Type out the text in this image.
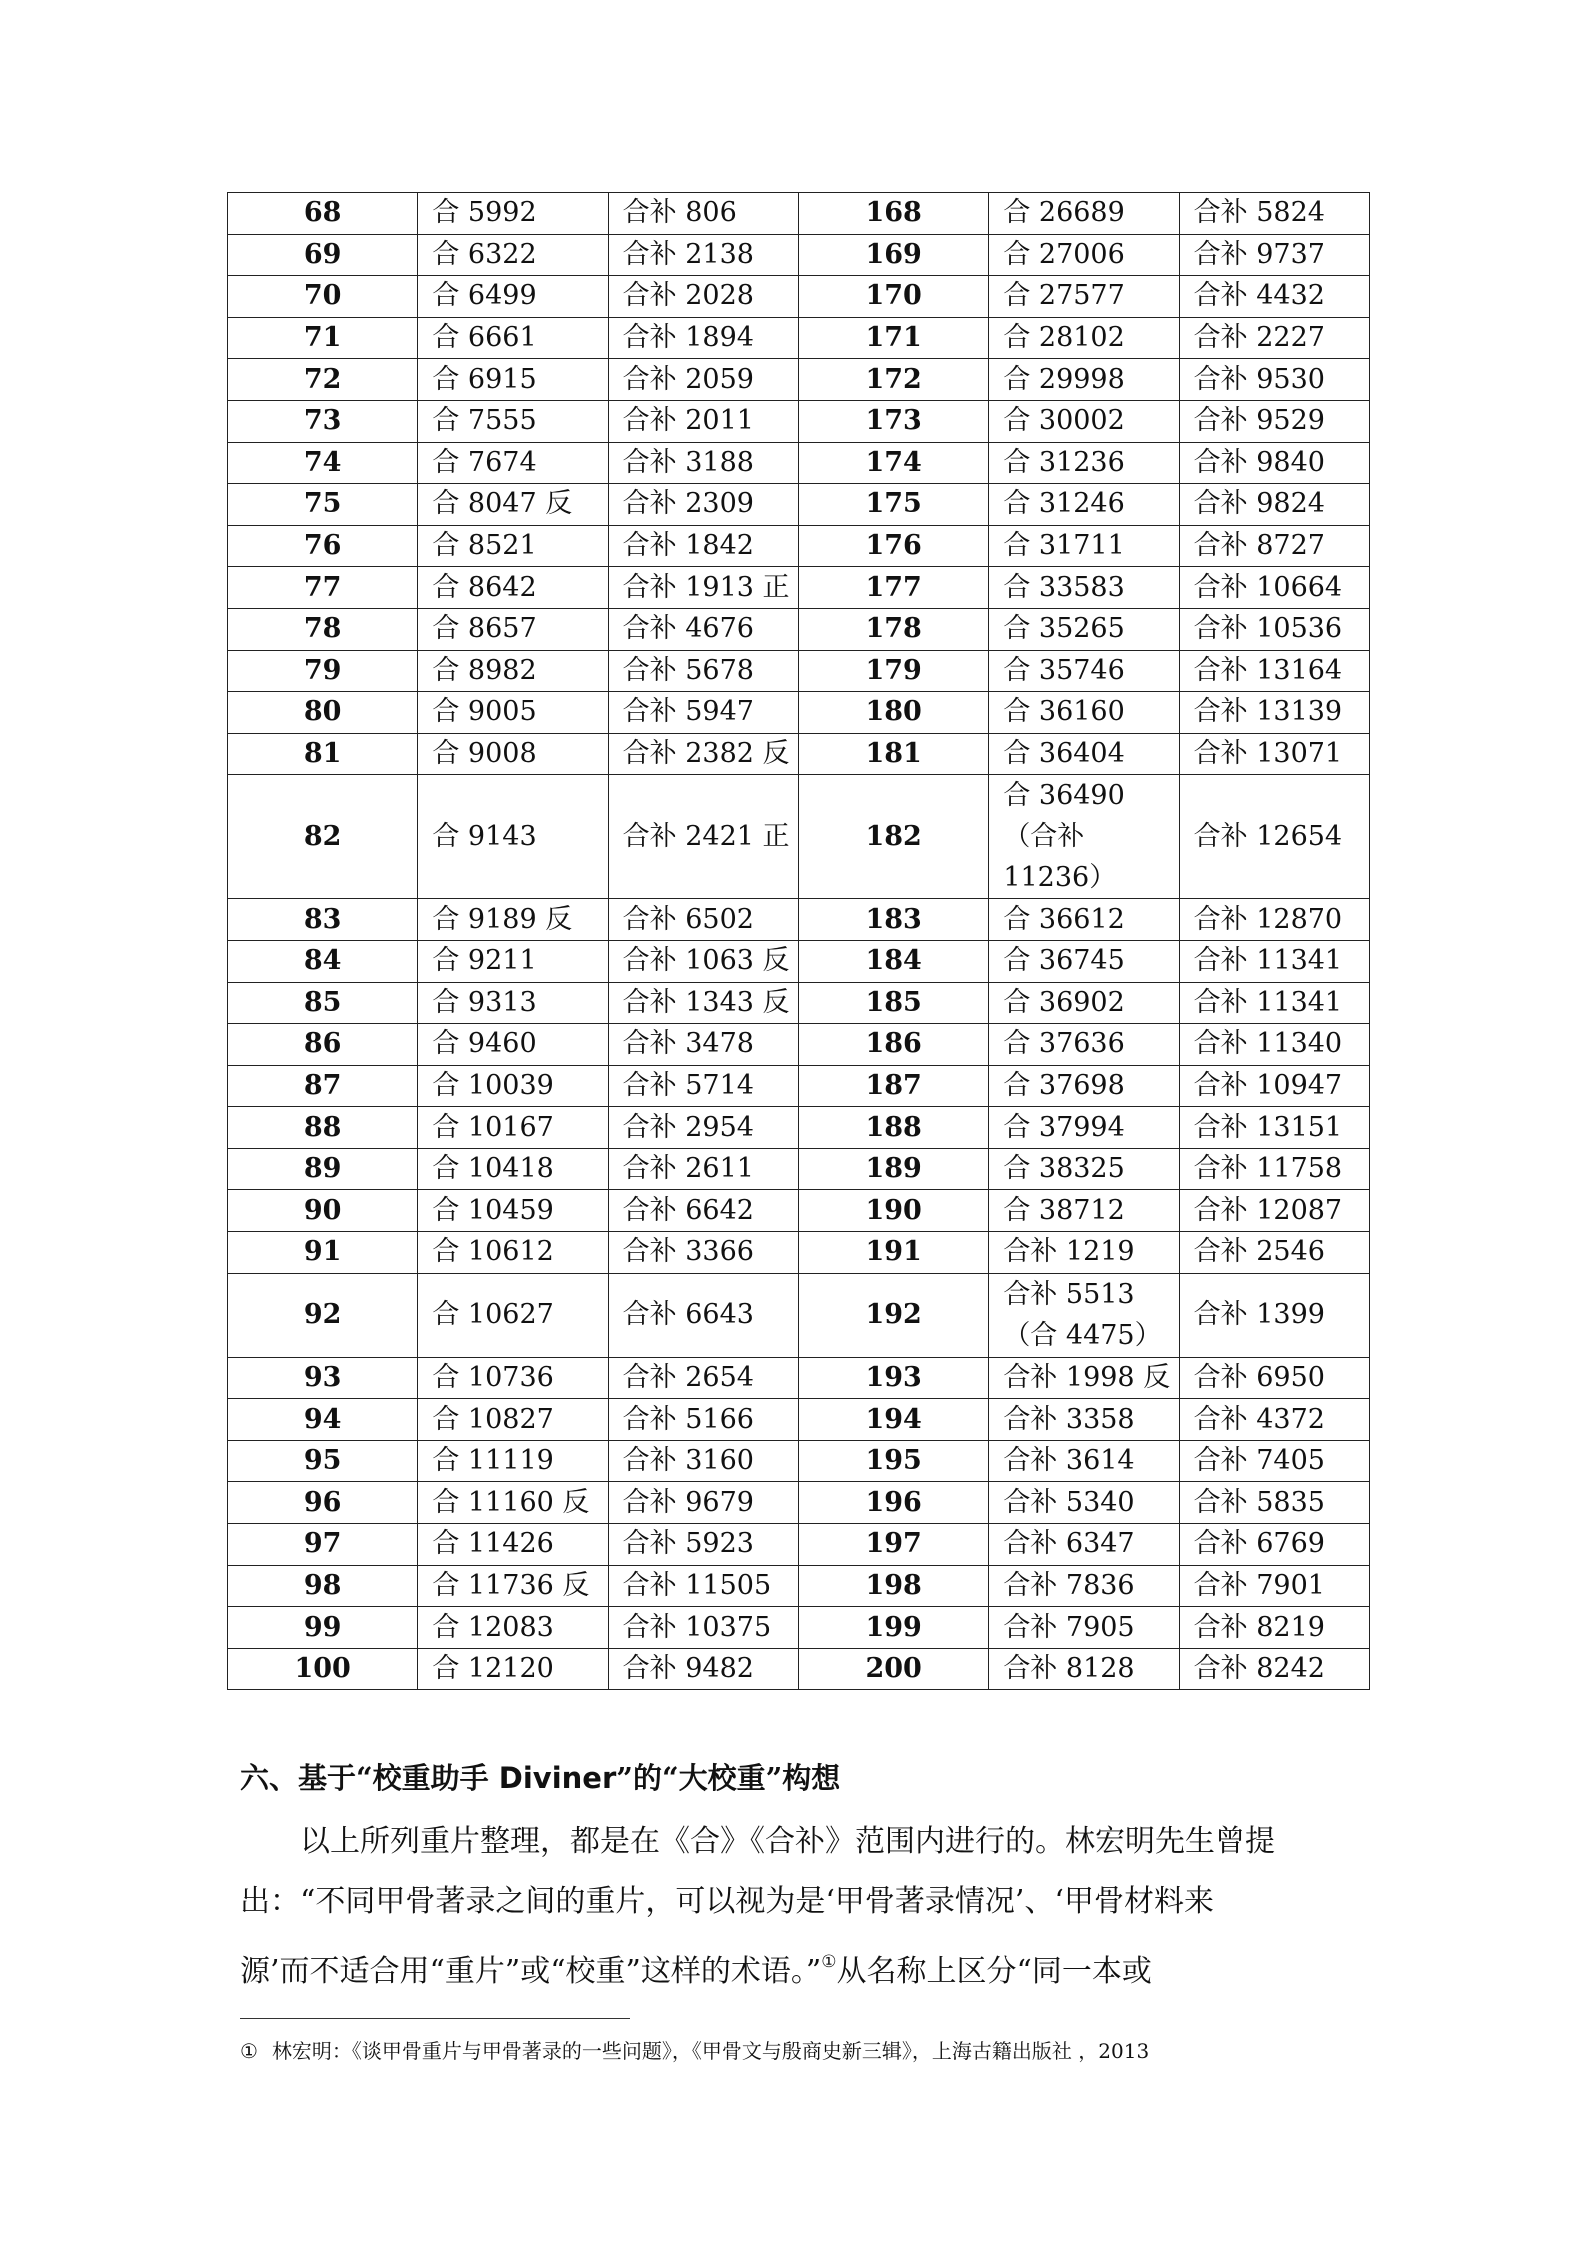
68	合 5992	合补 806	168	合 26689	合补 5824
69	合 6322	合补 2138	169	合 27006	合补 9737
70	合 6499	合补 2028	170	合 27577	合补 4432
71	合 6661	合补 1894	171	合 28102	合补 2227
72	合 6915	合补 2059	172	合 29998	合补 9530
73	合 7555	合补 2011	173	合 30002	合补 9529
74	合 7674	合补 3188	174	合 31236	合补 9840
75	合 8047 反	合补 2309	175	合 31246	合补 9824
76	合 8521	合补 1842	176	合 31711	合补 8727
77	合 8642	合补 1913 正	177	合 33583	合补 10664
78	合 8657	合补 4676	178	合 35265	合补 10536
79	合 8982	合补 5678	179	合 35746	合补 13164
80	合 9005	合补 5947	180	合 36160	合补 13139
81	合 9008	合补 2382 反	181	合 36404	合补 13071
82	合 9143	合补 2421 正	182	合 36490（合补 11236）	合补 12654
83	合 9189 反	合补 6502	183	合 36612	合补 12870
84	合 9211	合补 1063 反	184	合 36745	合补 11341
85	合 9313	合补 1343 反	185	合 36902	合补 11341
86	合 9460	合补 3478	186	合 37636	合补 11340
87	合 10039	合补 5714	187	合 37698	合补 10947
88	合 10167	合补 2954	188	合 37994	合补 13151
89	合 10418	合补 2611	189	合 38325	合补 11758
90	合 10459	合补 6642	190	合 38712	合补 12087
91	合 10612	合补 3366	191	合补 1219	合补 2546
92	合 10627	合补 6643	192	合补 5513（合 4475）	合补 1399
93	合 10736	合补 2654	193	合补 1998 反	合补 6950
94	合 10827	合补 5166	194	合补 3358	合补 4372
95	合 11119	合补 3160	195	合补 3614	合补 7405
96	合 11160 反	合补 9679	196	合补 5340	合补 5835
97	合 11426	合补 5923	197	合补 6347	合补 6769
98	合 11736 反	合补 11505	198	合补 7836	合补 7901
99	合 12083	合补 10375	199	合补 7905	合补 8219
100	合 12120	合补 9482	200	合补 8128	合补 8242
六、基于“校重助手 Diviner”的“大校重”构想

以上所列重片整理，都是在《合》《合补》范围内进行的。林宏明先生曾提

出：“不同甲骨著录之间的重片，可以视为是‘甲骨著录情况’、‘甲骨材料来

源’而不适合用“重片”或“校重”这样的术语。”①从名称上区分“同一本或

① 林宏明：《谈甲骨重片与甲骨著录的一些问题》，《甲骨文与殷商史新三辑》，上海古籍出版社 ，2013
